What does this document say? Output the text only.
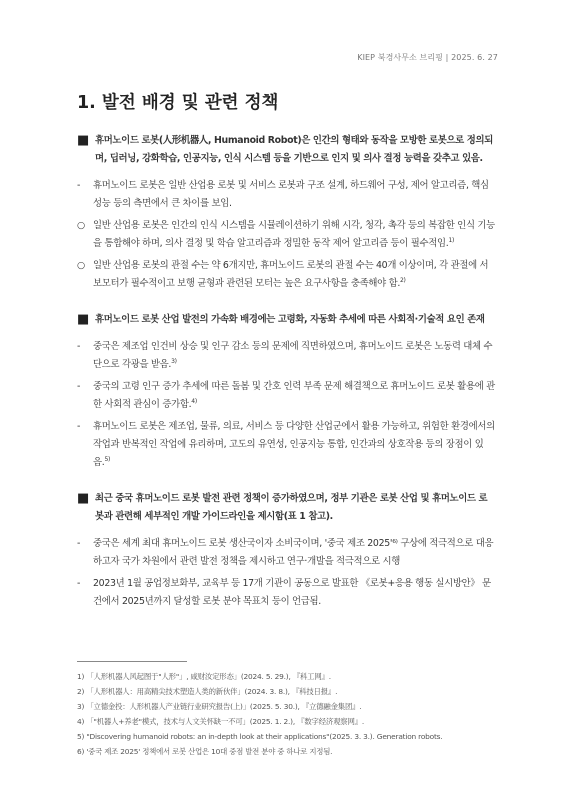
KIEP 북경사무소 브리핑 | 2025. 6. 27
1. 발전 배경 및 관련 정책
■ 휴머노이드 로봇(人形机器人, Humanoid Robot)은 인간의 형태와 동작을 모방한 로봇으로 정의되며, 딥러닝, 강화학습, 인공지능, 인식 시스템 등을 기반으로 인지 및 의사 결정 능력을 갖추고 있음.
- 휴머노이드 로봇은 일반 산업용 로봇 및 서비스 로봇과 구조 설계, 하드웨어 구성, 제어 알고리즘, 핵심 성능 등의 측면에서 큰 차이를 보임.
○ 일반 산업용 로봇은 인간의 인식 시스템을 시뮬레이션하기 위해 시각, 청각, 촉각 등의 복잡한 인식 기능을 통합해야 하며, 의사 결정 및 학습 알고리즘과 정밀한 동작 제어 알고리즘 등이 필수적임.$^{1)}$
○ 일반 산업용 로봇의 관절 수는 약 6개지만, 휴머노이드 로봇의 관절 수는 40개 이상이며, 각 관절에 서보모터가 필수적이고 보행 균형과 관련된 모터는 높은 요구사항을 충족해야 함.$^{2)}$
■ 휴머노이드 로봇 산업 발전의 가속화 배경에는 고령화, 자동화 추세에 따른 사회적·기술적 요인 존재
- 중국은 제조업 인건비 상승 및 인구 감소 등의 문제에 직면하였으며, 휴머노이드 로봇은 노동력 대체 수단으로 각광을 받음.$^{3)}$
- 중국의 고령 인구 증가 추세에 따른 돌봄 및 간호 인력 부족 문제 해결책으로 휴머노이드 로봇 활용에 관한 사회적 관심이 증가함.$^{4)}$
- 휴머노이드 로봇은 제조업, 물류, 의료, 서비스 등 다양한 산업군에서 활용 가능하고, 위험한 환경에서의 작업과 반복적인 작업에 유리하며, 고도의 유연성, 인공지능 통합, 인간과의 상호작용 등의 장점이 있음.$^{5)}$
■ 최근 중국 휴머노이드 로봇 발전 관련 정책이 증가하였으며, 정부 기관은 로봇 산업 및 휴머노이드 로봇과 관련해 세부적인 개발 가이드라인을 제시함(표 1 참고).
- 중국은 세계 최대 휴머노이드 로봇 생산국이자 소비국이며, '중국 제조 2025'⁶⁾ 구상에 적극적으로 대응하고자 국가 차원에서 관련 발전 정책을 제시하고 연구·개발을 적극적으로 시행
- 2023년 1월 공업정보화부, 교육부 등 17개 기관이 공동으로 발표한 《로봇+응용 행동 실시방안》 문건에서 2025년까지 달성할 로봇 분야 목표치 등이 언급됨.
1) 「人形机器人风起图于"人形"」, 咸财汝定形态」(2024. 5. 29.), 『科工网』.
2) 「人形机器人：用高精尖技术塑造人类的新伙伴」(2024. 3. 8.), 『科技日报』.
3) 「立德金投：人形机器人产业链行业研究报告(上)」(2025. 5. 30.), 『立德融金集团』.
4) 「"机器人+养老"模式，技术与人文关怀缺一不可」(2025. 1. 2.), 『数字经济观察网』.
5) "Discovering humanoid robots: an in-depth look at their applications"(2025. 3. 3.). Generation robots.
6) '중국 제조 2025' 정책에서 로봇 산업은 10대 중점 발전 분야 중 하나로 지정됨.
